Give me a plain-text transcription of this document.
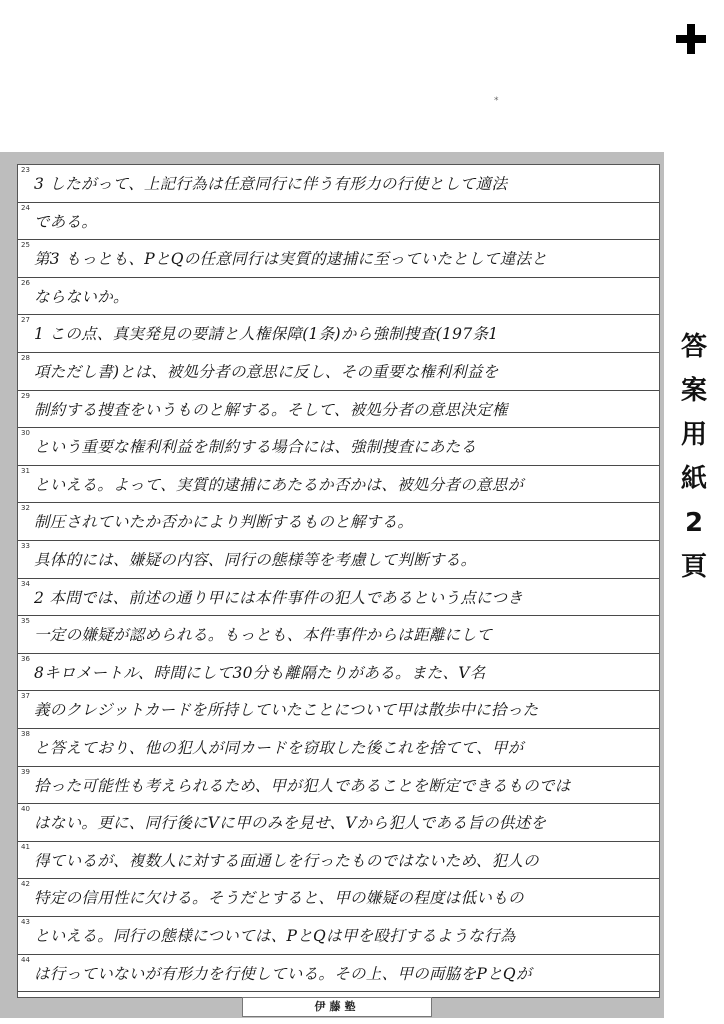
*
23
3 したがって、上記行為は任意同行に伴う有形力の行使として適法
24
である。
25
第3 もっとも、PとQの任意同行は実質的逮捕に至っていたとして違法と
26
ならないか。
27
1 この点、真実発見の要請と人権保障(1条)から強制捜査(197条1
28
項ただし書)とは、被処分者の意思に反し、その重要な権利利益を
29
制約する捜査をいうものと解する。そして、被処分者の意思決定権
30
という重要な権利利益を制約する場合には、強制捜査にあたる
31
といえる。よって、実質的逮捕にあたるか否かは、被処分者の意思が
32
制圧されていたか否かにより判断するものと解する。
33
具体的には、嫌疑の内容、同行の態様等を考慮して判断する。
34
2 本問では、前述の通り甲には本件事件の犯人であるという点につき
35
一定の嫌疑が認められる。もっとも、本件事件からは距離にして
36
8キロメートル、時間にして30分も離隔たりがある。また、V名
37
義のクレジットカードを所持していたことについて甲は散歩中に拾った
38
と答えており、他の犯人が同カードを窃取した後これを捨てて、甲が
39
拾った可能性も考えられるため、甲が犯人であることを断定できるものでは
40
はない。更に、同行後にVに甲のみを見せ、Vから犯人である旨の供述を
41
得ているが、複数人に対する面通しを行ったものではないため、犯人の
42
特定の信用性に欠ける。そうだとすると、甲の嫌疑の程度は低いもの
43
といえる。同行の態様については、PとQは甲を殴打するような行為
44
は行っていないが有形力を行使している。その上、甲の両脇をPとQが
伊藤塾
答
案
用
紙
2
頁
